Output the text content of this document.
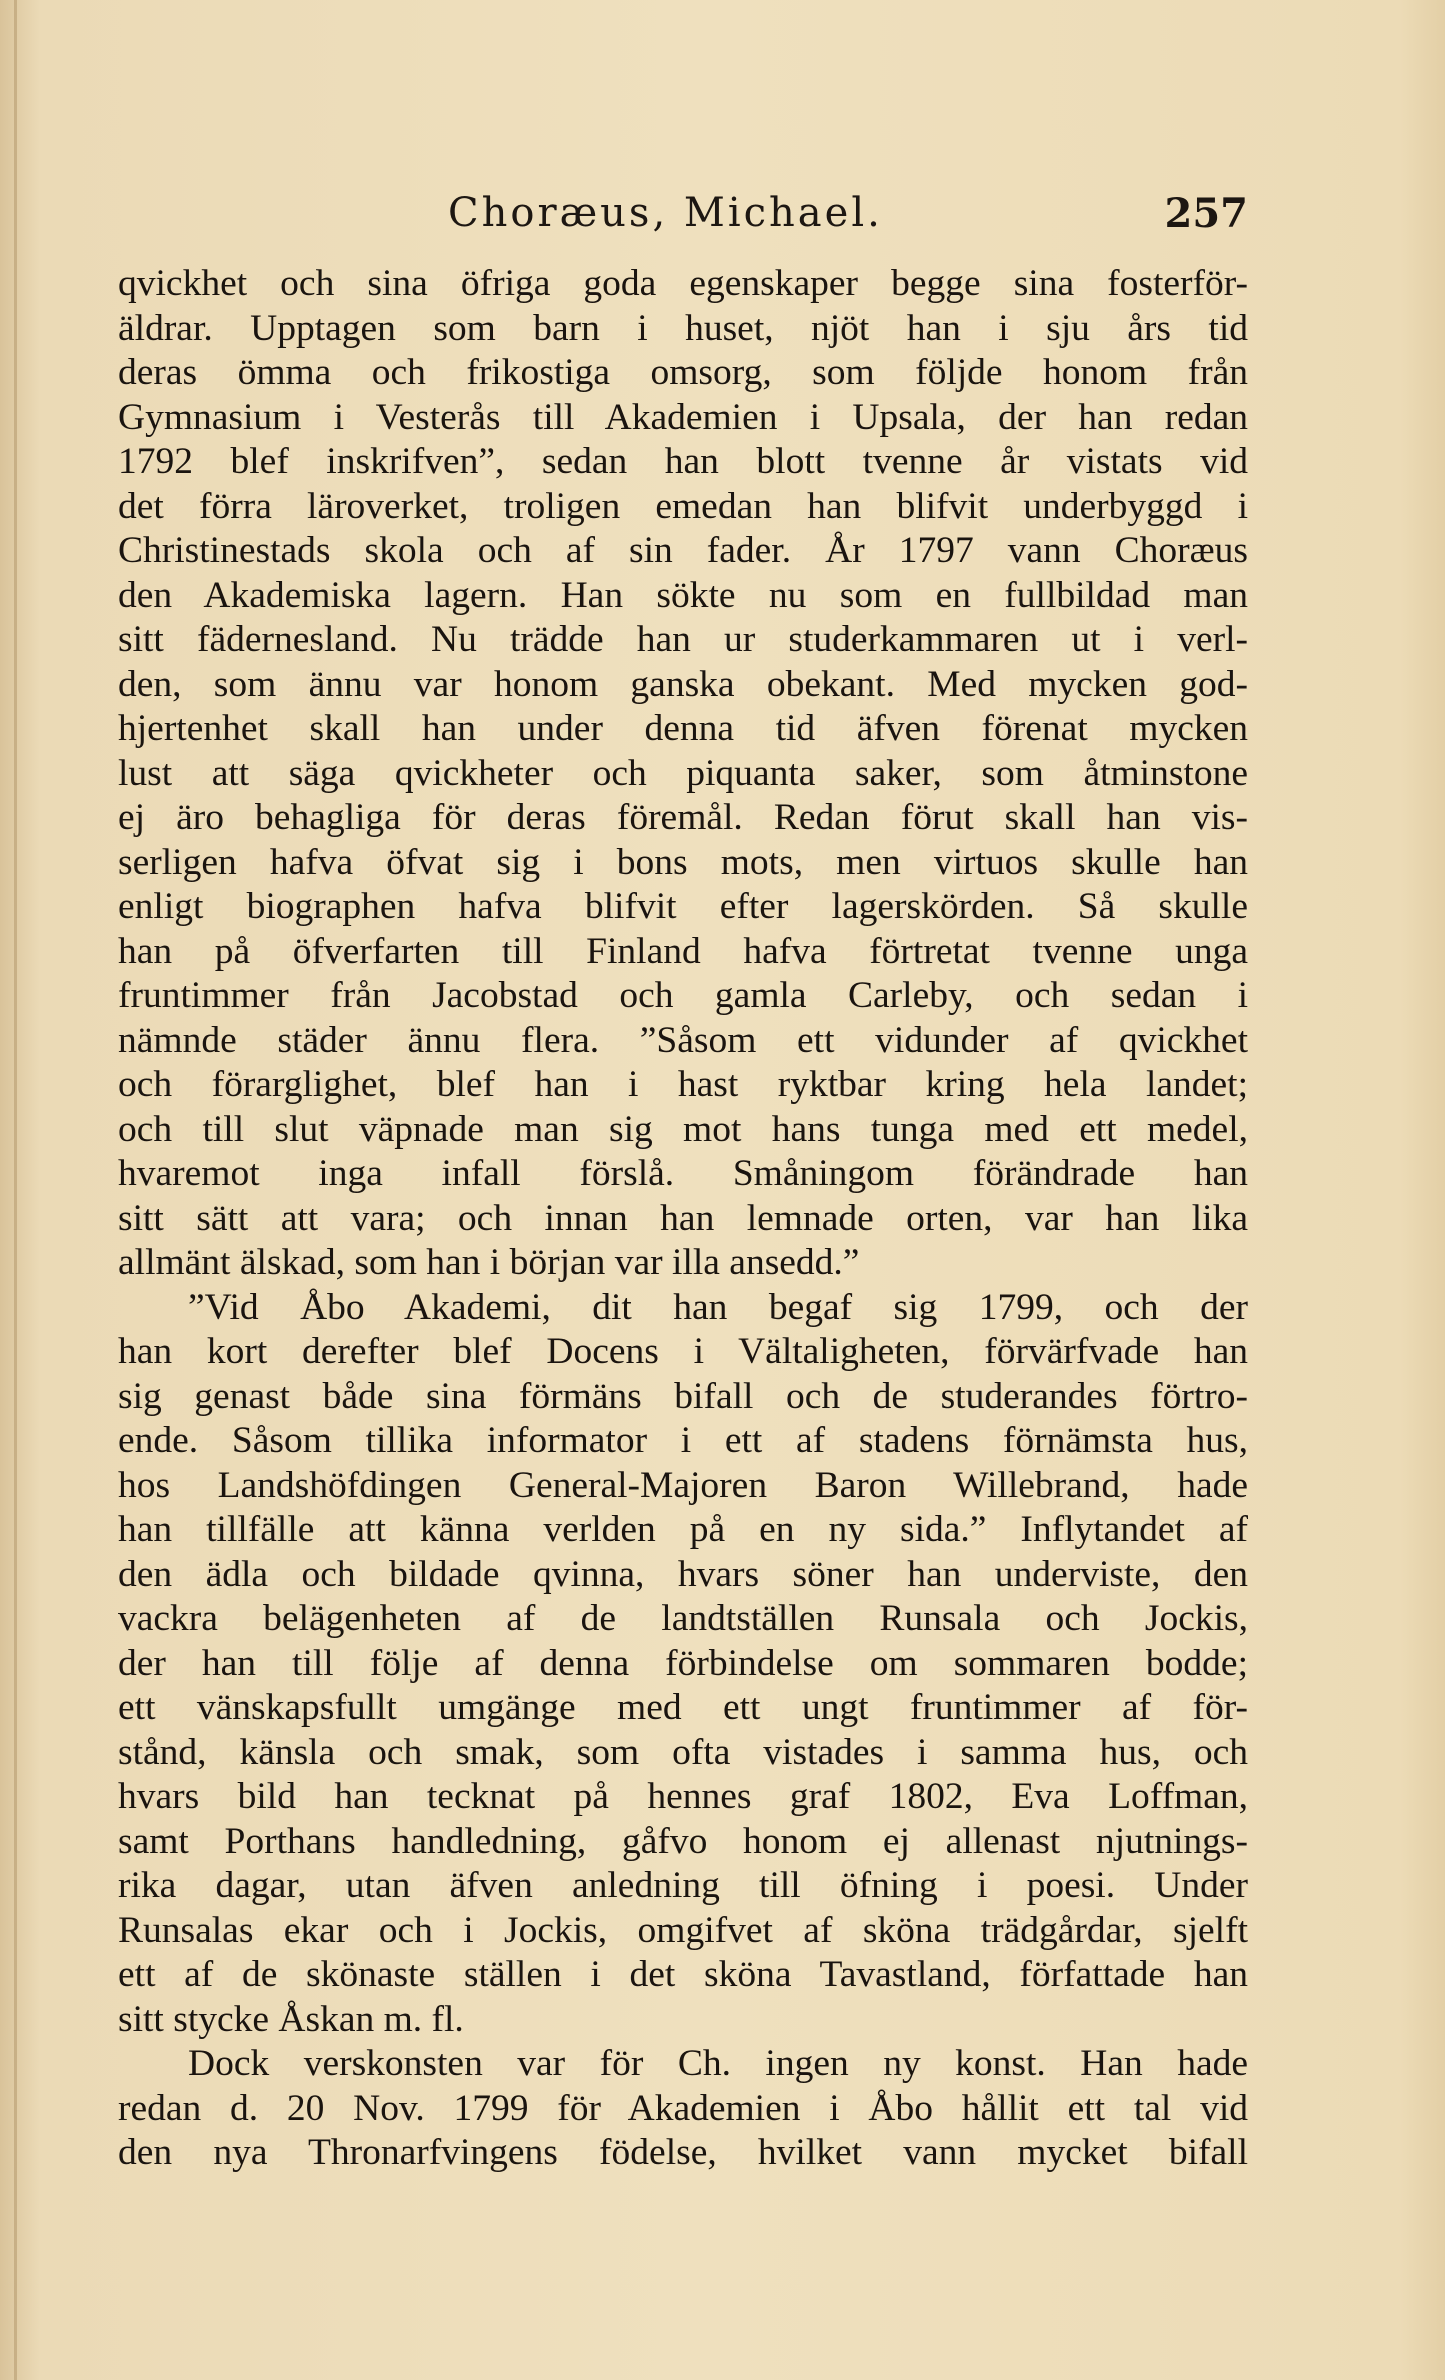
Choræus, Michael.	257
qvickhet och sina öfriga goda egenskaper begge sina fosterför-
äldrar. Upptagen som barn i huset, njöt han i sju års tid
deras ömma och frikostiga omsorg, som följde honom från
Gymnasium i Vesterås till Akademien i Upsala, der han redan
1792 blef inskrifven”, sedan han blott tvenne år vistats vid
det förra läroverket, troligen emedan han blifvit underbyggd i
Christinestads skola och af sin fader. År 1797 vann Choræus
den Akademiska lagern. Han sökte nu som en fullbildad man
sitt fädernesland. Nu trädde han ur studerkammaren ut i verl-
den, som ännu var honom ganska obekant. Med mycken god-
hjertenhet skall han under denna tid äfven förenat mycken
lust att säga qvickheter och piquanta saker, som åtminstone
ej äro behagliga för deras föremål. Redan förut skall han vis-
serligen hafva öfvat sig i bons mots, men virtuos skulle han
enligt biographen hafva blifvit efter lagerskörden. Så skulle
han på öfverfarten till Finland hafva förtretat tvenne unga
fruntimmer från Jacobstad och gamla Carleby, och sedan i
nämnde städer ännu flera. ”Såsom ett vidunder af qvickhet
och förarglighet, blef han i hast ryktbar kring hela landet;
och till slut väpnade man sig mot hans tunga med ett medel,
hvaremot inga infall förslå. Småningom förändrade han
sitt sätt att vara; och innan han lemnade orten, var han lika
allmänt älskad, som han i början var illa ansedd.”
”Vid Åbo Akademi, dit han begaf sig 1799, och der
han kort derefter blef Docens i Vältaligheten, förvärfvade han
sig genast både sina förmäns bifall och de studerandes förtro-
ende. Såsom tillika informator i ett af stadens förnämsta hus,
hos Landshöfdingen General-Majoren Baron Willebrand, hade
han tillfälle att känna verlden på en ny sida.” Inflytandet af
den ädla och bildade qvinna, hvars söner han underviste, den
vackra belägenheten af de landtställen Runsala och Jockis,
der han till följe af denna förbindelse om sommaren bodde;
ett vänskapsfullt umgänge med ett ungt fruntimmer af för-
stånd, känsla och smak, som ofta vistades i samma hus, och
hvars bild han tecknat på hennes graf 1802, Eva Loffman,
samt Porthans handledning, gåfvo honom ej allenast njutnings-
rika dagar, utan äfven anledning till öfning i poesi. Under
Runsalas ekar och i Jockis, omgifvet af sköna trädgårdar, sjelft
ett af de skönaste ställen i det sköna Tavastland, författade han
sitt stycke Åskan m. fl.
Dock verskonsten var för Ch. ingen ny konst. Han hade
redan d. 20 Nov. 1799 för Akademien i Åbo hållit ett tal vid
den nya Thronarfvingens födelse, hvilket vann mycket bifall
